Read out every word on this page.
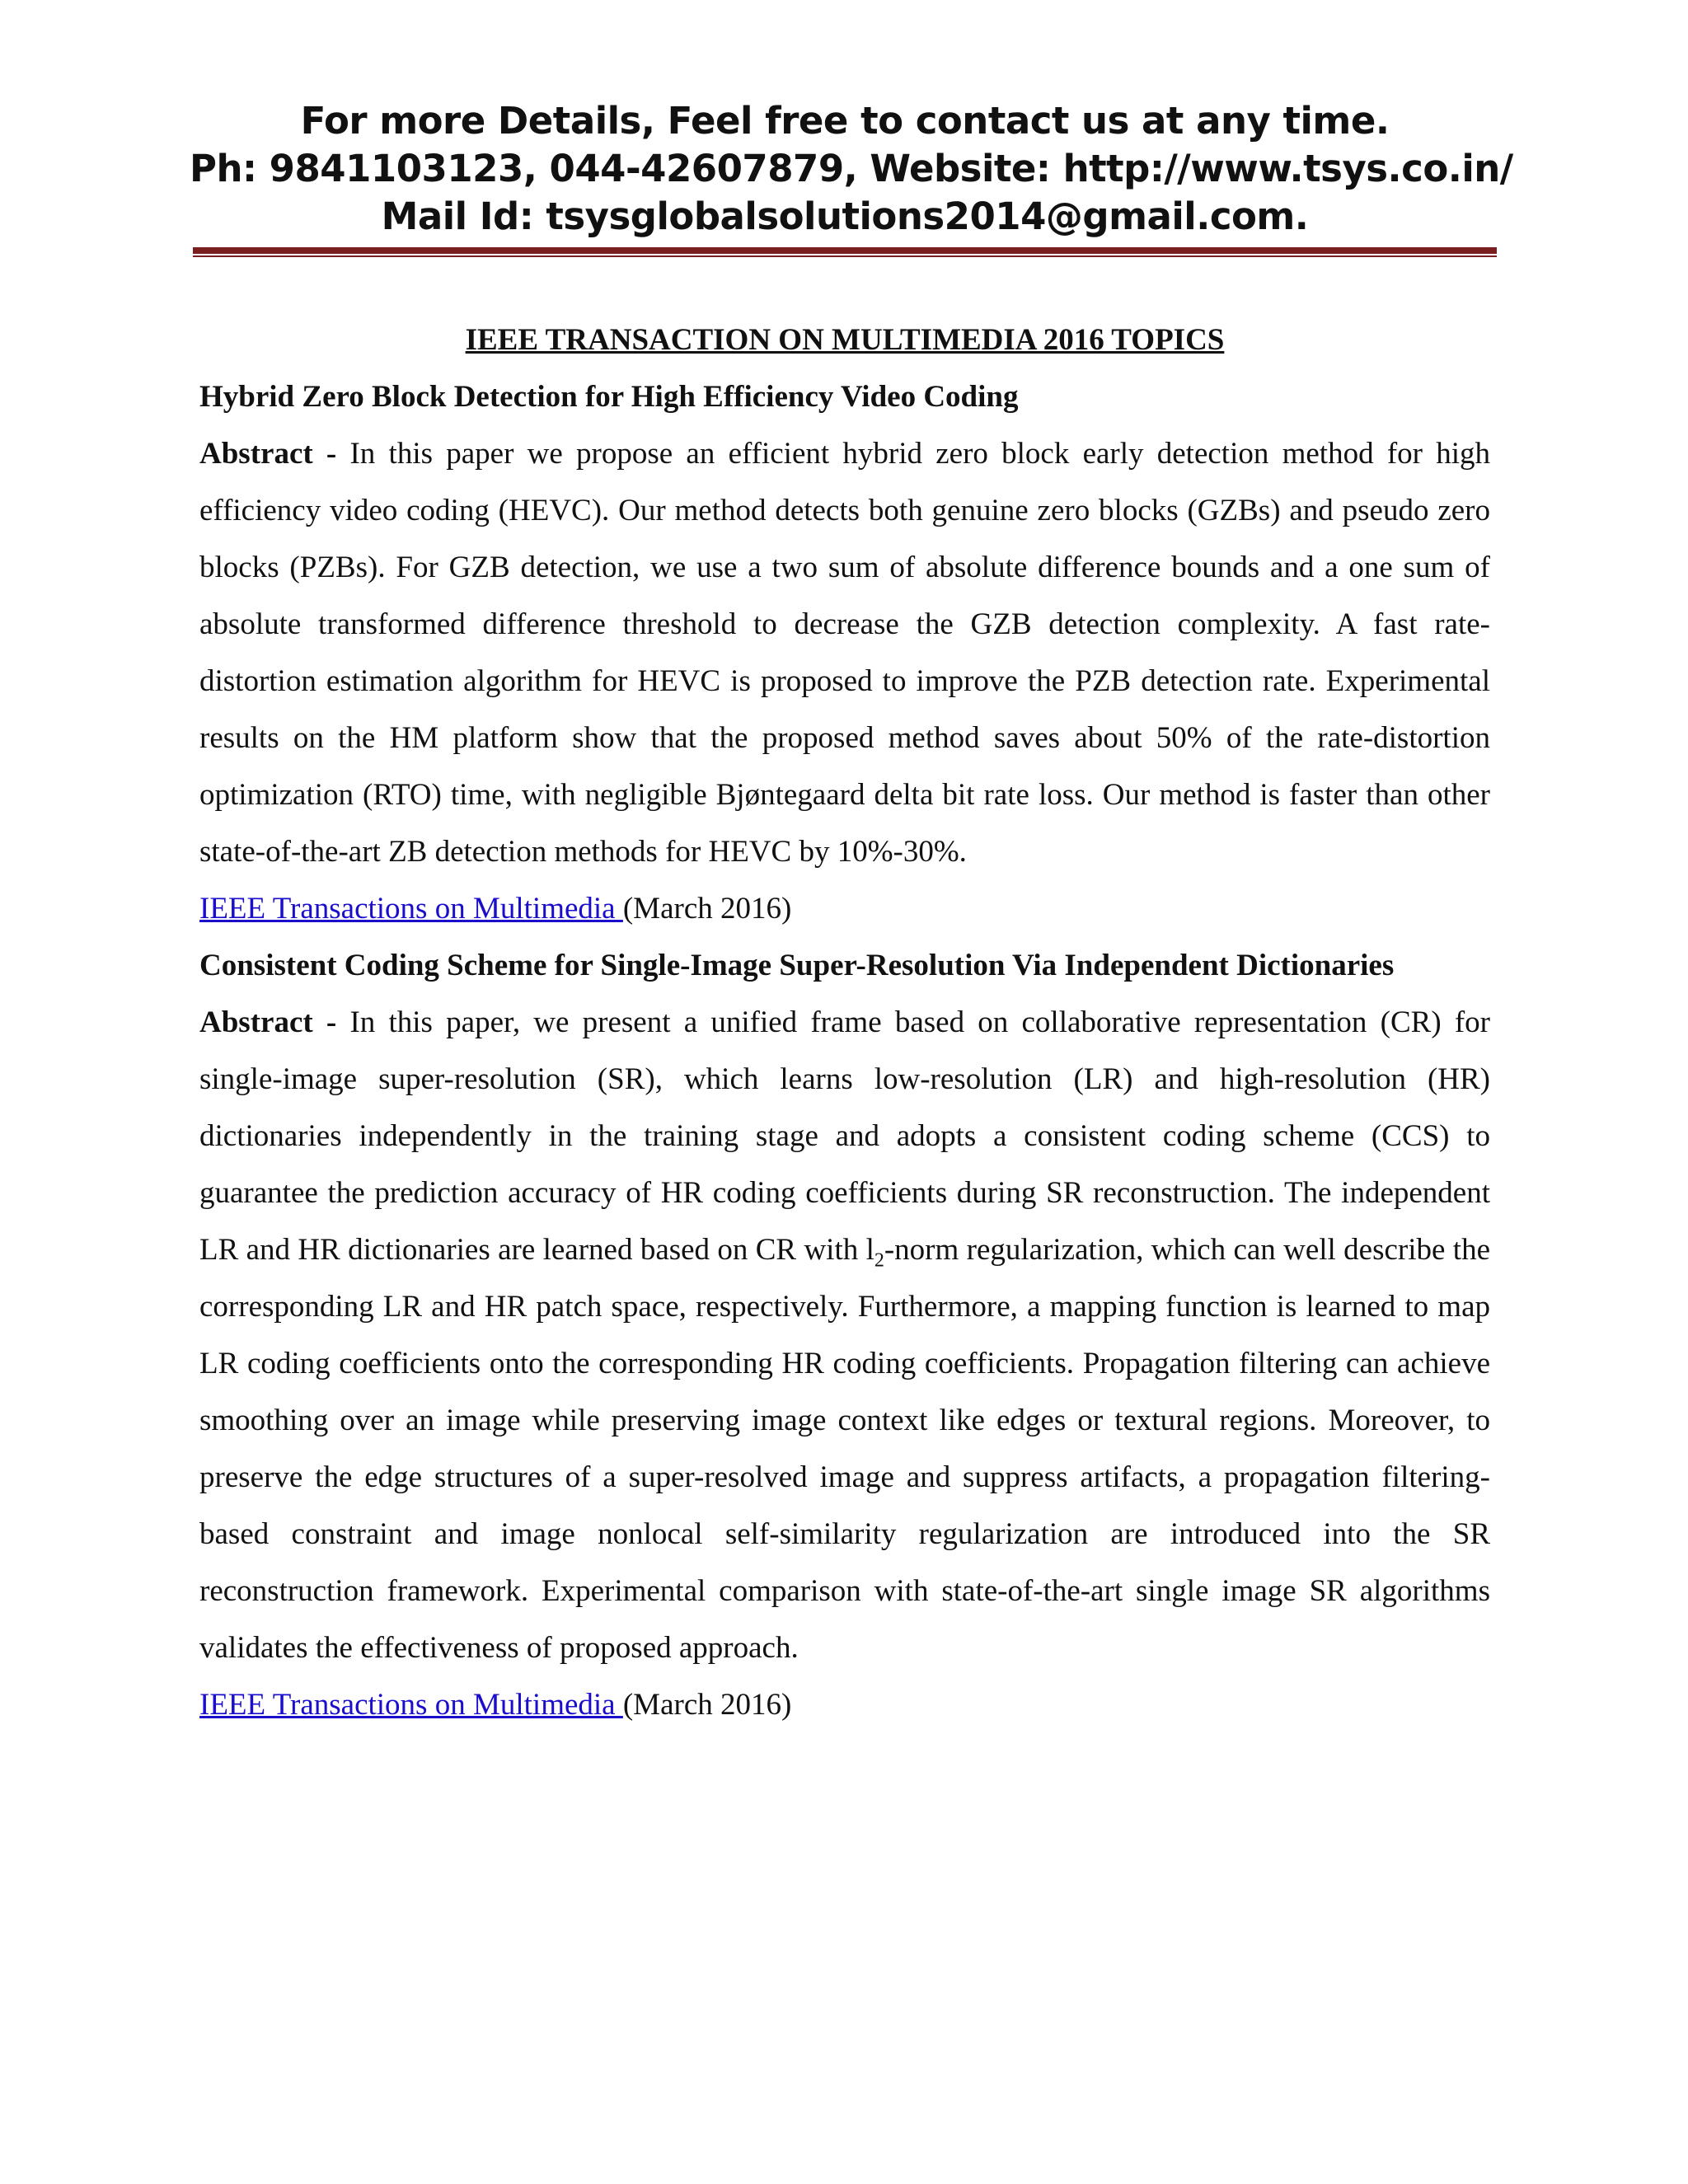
For more Details, Feel free to contact us at any time.
Ph: 9841103123, 044-42607879, Website: http://www.tsys.co.in/
Mail Id: tsysglobalsolutions2014@gmail.com.

IEEE TRANSACTION ON MULTIMEDIA 2016 TOPICS

Hybrid Zero Block Detection for High Efficiency Video Coding

Abstract - In this paper we propose an efficient hybrid zero block early detection method for high efficiency video coding (HEVC). Our method detects both genuine zero blocks (GZBs) and pseudo zero blocks (PZBs). For GZB detection, we use a two sum of absolute difference bounds and a one sum of absolute transformed difference threshold to decrease the GZB detection complexity. A fast rate-distortion estimation algorithm for HEVC is proposed to improve the PZB detection rate. Experimental results on the HM platform show that the proposed method saves about 50% of the rate-distortion optimization (RTO) time, with negligible Bjøntegaard delta bit rate loss. Our method is faster than other state-of-the-art ZB detection methods for HEVC by 10%-30%.

IEEE Transactions on Multimedia (March 2016)

Consistent Coding Scheme for Single-Image Super-Resolution Via Independent Dictionaries

Abstract - In this paper, we present a unified frame based on collaborative representation (CR) for single-image super-resolution (SR), which learns low-resolution (LR) and high-resolution (HR) dictionaries independently in the training stage and adopts a consistent coding scheme (CCS) to guarantee the prediction accuracy of HR coding coefficients during SR reconstruction. The independent LR and HR dictionaries are learned based on CR with $l_2$-norm regularization, which can well describe the corresponding LR and HR patch space, respectively. Furthermore, a mapping function is learned to map LR coding coefficients onto the corresponding HR coding coefficients. Propagation filtering can achieve smoothing over an image while preserving image context like edges or textural regions. Moreover, to preserve the edge structures of a super-resolved image and suppress artifacts, a propagation filtering-based constraint and image nonlocal self-similarity regularization are introduced into the SR reconstruction framework. Experimental comparison with state-of-the-art single image SR algorithms validates the effectiveness of proposed approach.

IEEE Transactions on Multimedia (March 2016)
